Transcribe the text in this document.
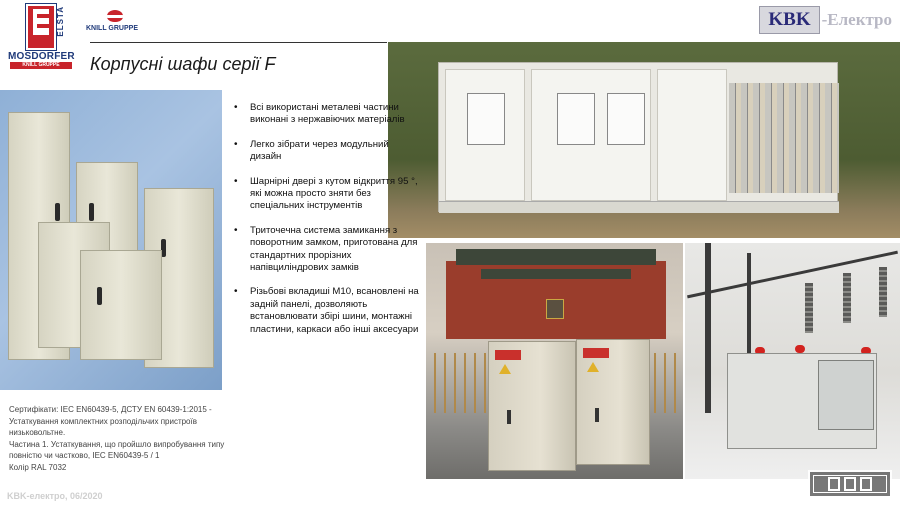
ELSTA
MOSDORFER
KNILL GRUPPE
KNILL GRUPPE	KBK -Електро
Корпусні шафи серії F
• Всі використані металеві частини виконані з нержавіючих матеріалів
• Легко зібрати через модульний дизайн
• Шарнірні двері з кутом відкриття 95 °, які можна просто зняти без спеціальних інструментів
• Триточечна система замикання з поворотним замком, приготована для стандартних прорізних напівциліндрових замків
• Різьбові вкладиші M10, всановлені на задній панелі, дозволяють встановлювати збірі шини, монтажні пластини, каркаси або інші аксесуари

Сертифікати: IEC EN60439-5, ДСТУ EN 60439-1:2015 - Устаткування комплектних розподільчих пристроїв низьковольтне.

Частина 1. Устаткування, що пройшло випробування типу повністю чи частково, IEC EN60439-5 / 1

Колір RAL 7032

KBK-електро, 06/2020
